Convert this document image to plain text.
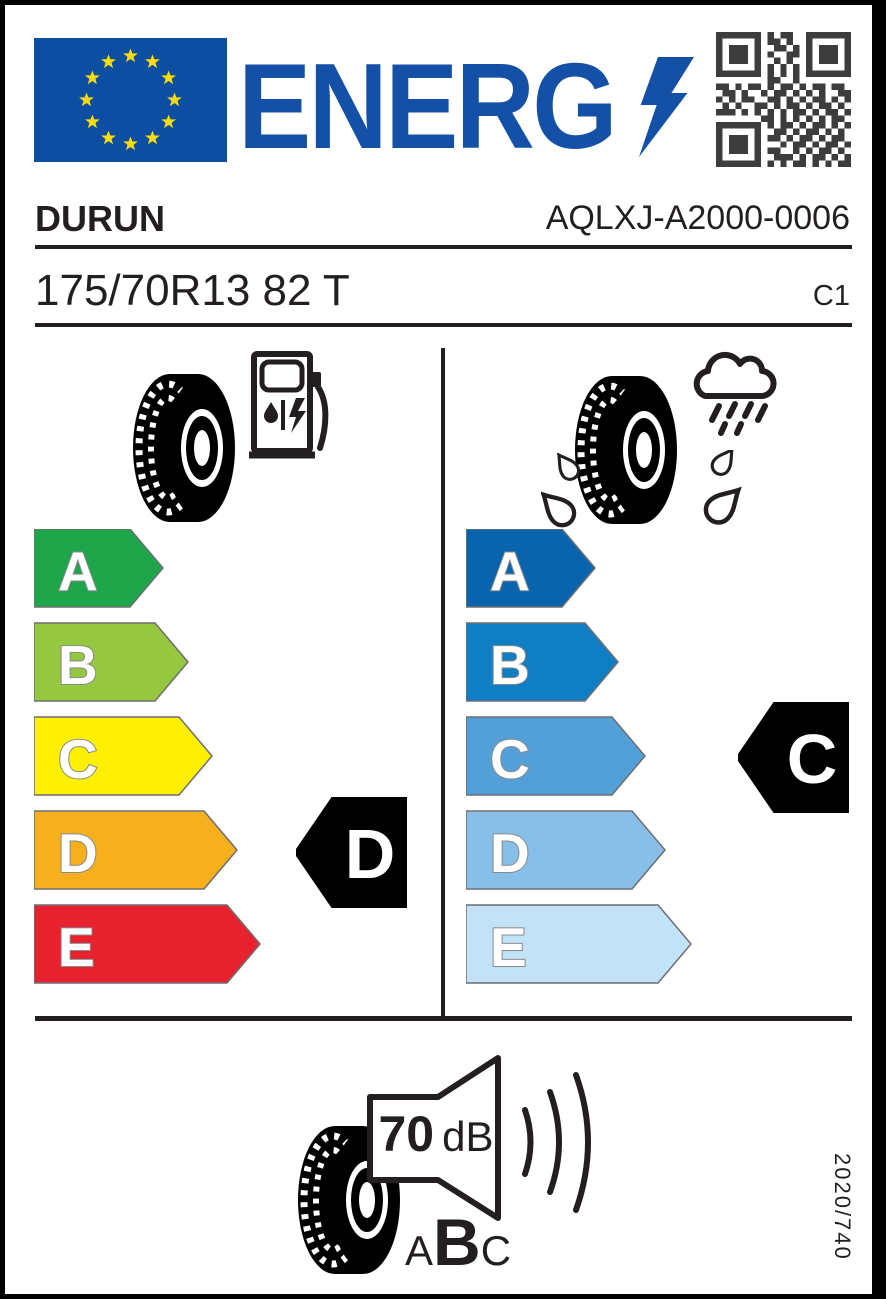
ENERG
DURUN	AQLXJ-A2000-0006
175/70R13 82 T	C1
A
B
C
D
E
D
A
B
C
D
E
C
70 dB
A B C	2020/740
